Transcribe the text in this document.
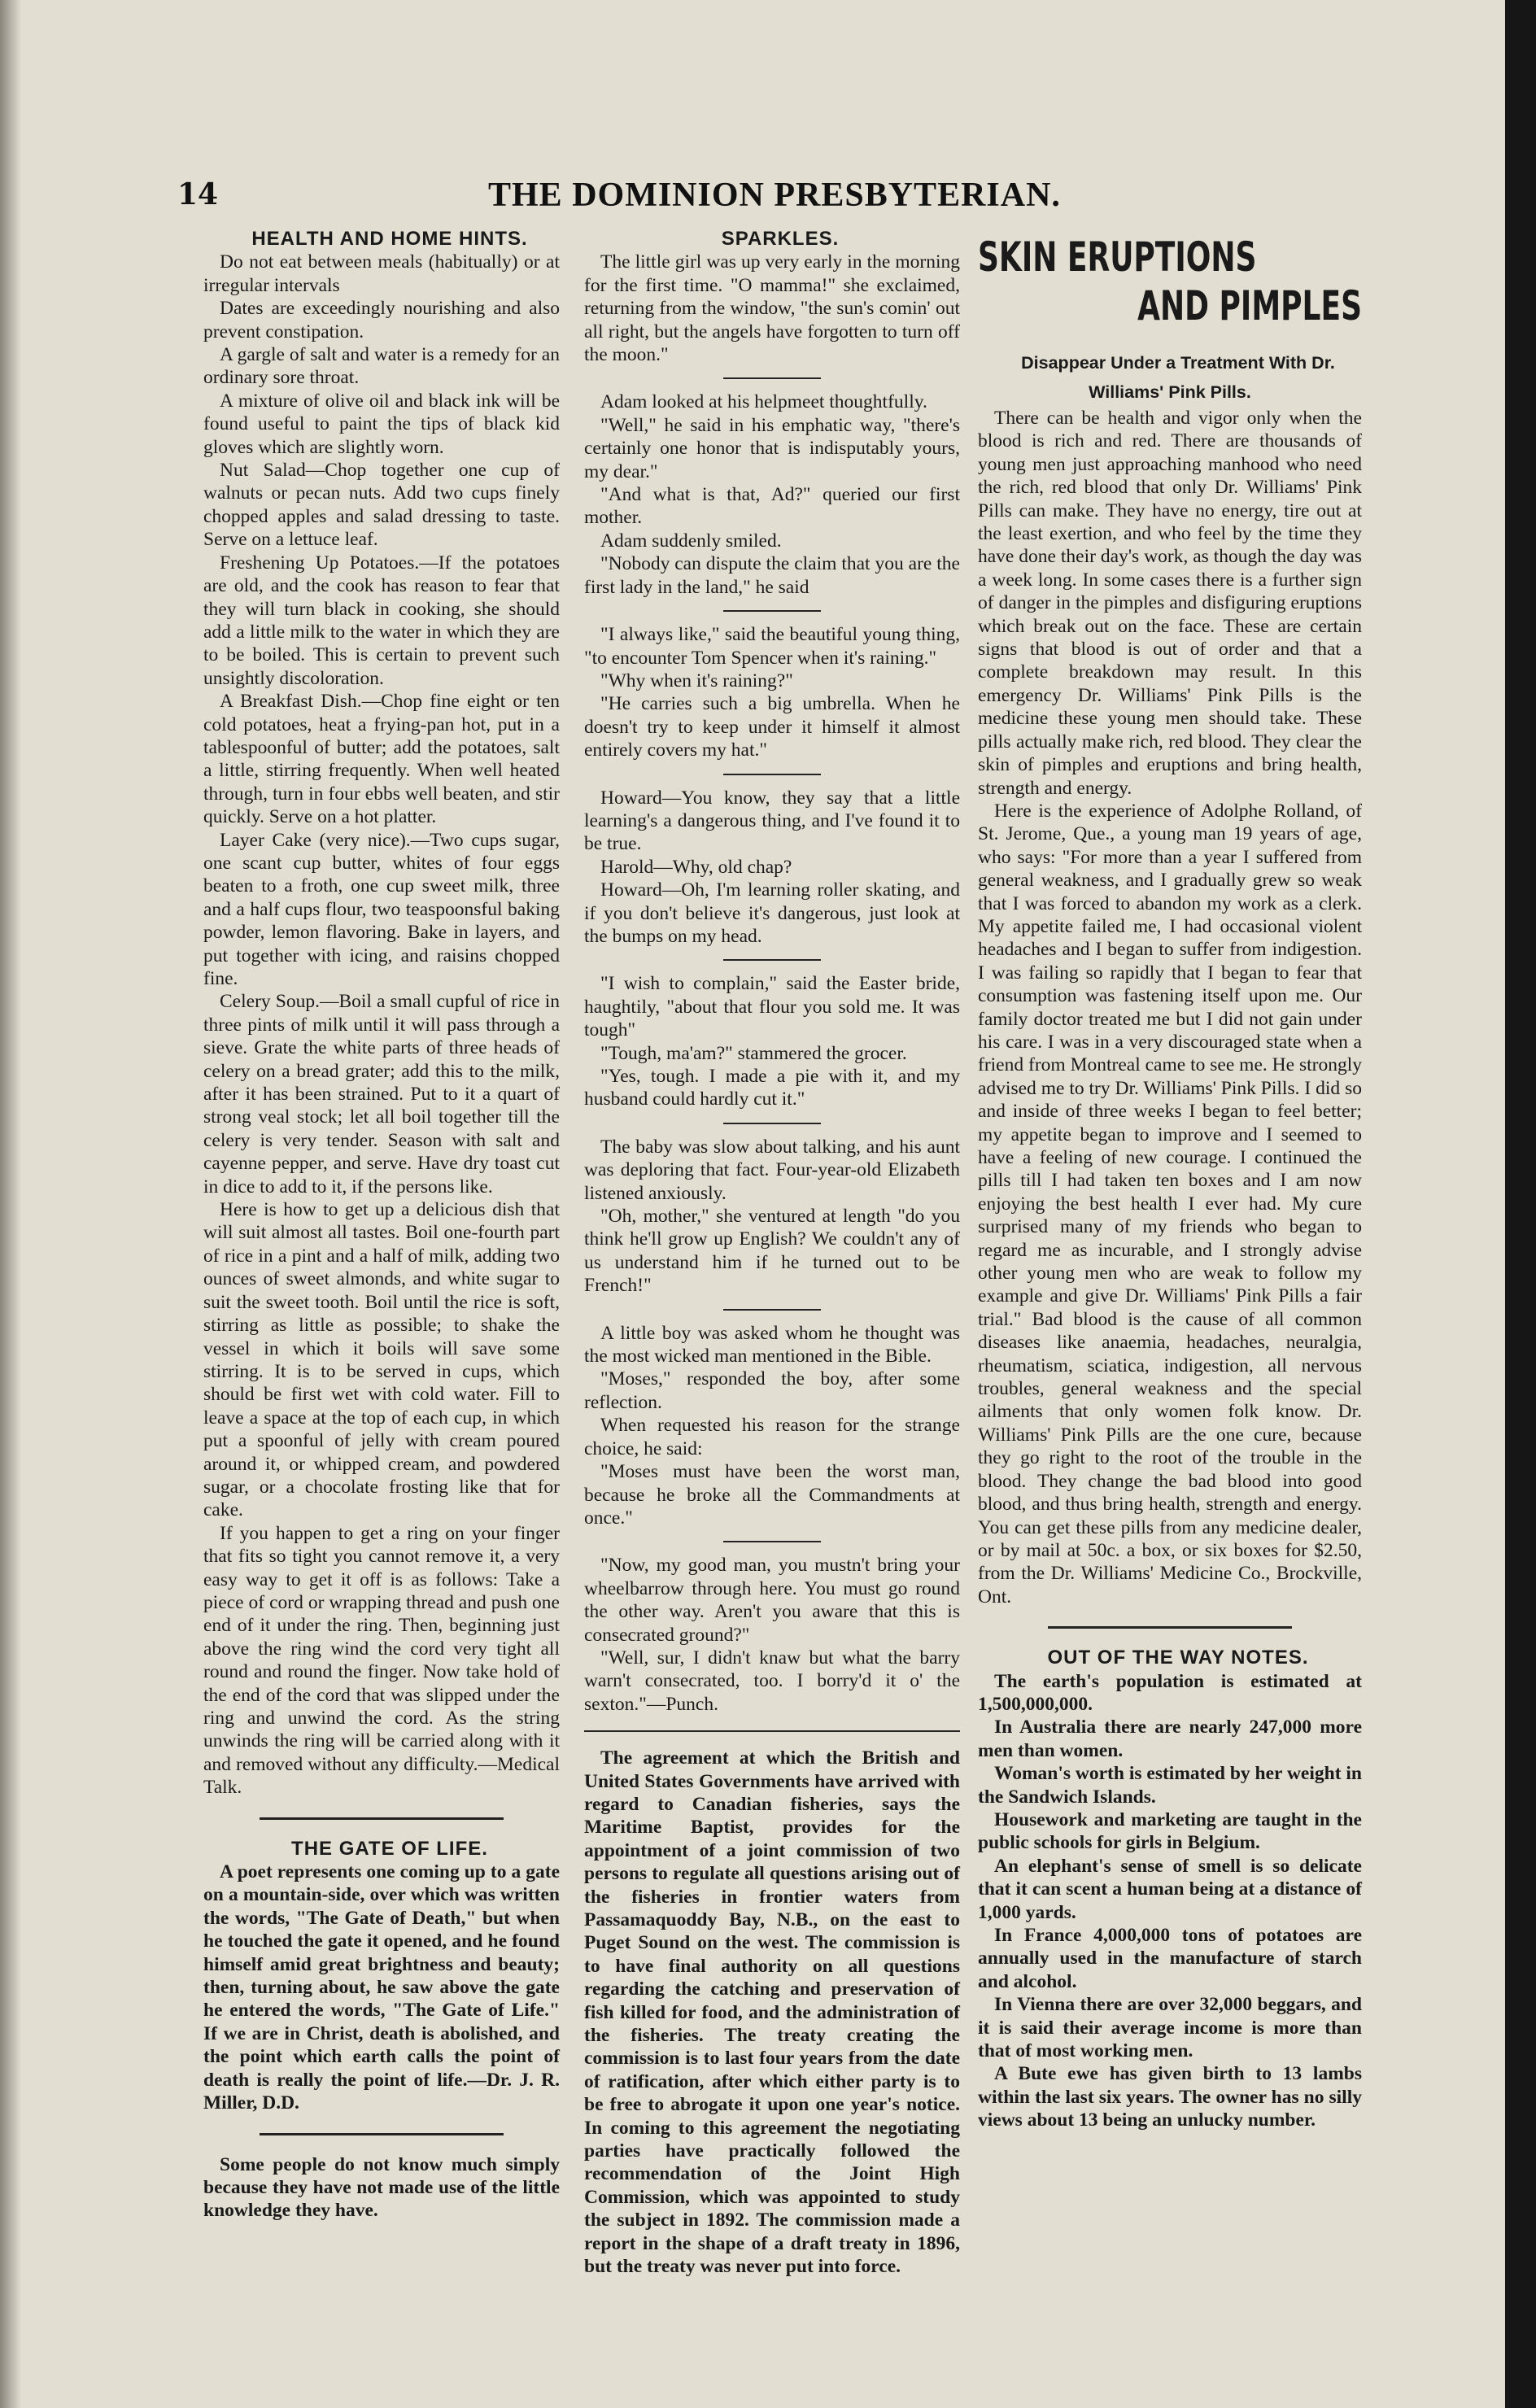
14	THE DOMINION PRESBYTERIAN.

HEALTH AND HOME HINTS.

Do not eat between meals (habitually) or at irregular intervals

Dates are exceedingly nourishing and also prevent constipation.

A gargle of salt and water is a remedy for an ordinary sore throat.

A mixture of olive oil and black ink will be found useful to paint the tips of black kid gloves which are slightly worn.

Nut Salad—Chop together one cup of walnuts or pecan nuts. Add two cups finely chopped apples and salad dressing to taste. Serve on a lettuce leaf.

Freshening Up Potatoes.—If the potatoes are old, and the cook has reason to fear that they will turn black in cooking, she should add a little milk to the water in which they are to be boiled. This is certain to prevent such unsightly discoloration.

A Breakfast Dish.—Chop fine eight or ten cold potatoes, heat a frying-pan hot, put in a tablespoonful of butter; add the potatoes, salt a little, stirring frequently. When well heated through, turn in four ebbs well beaten, and stir quickly. Serve on a hot platter.

Layer Cake (very nice).—Two cups sugar, one scant cup butter, whites of four eggs beaten to a froth, one cup sweet milk, three and a half cups flour, two teaspoonsful baking powder, lemon flavoring. Bake in layers, and put together with icing, and raisins chopped fine.

Celery Soup.—Boil a small cupful of rice in three pints of milk until it will pass through a sieve. Grate the white parts of three heads of celery on a bread grater; add this to the milk, after it has been strained. Put to it a quart of strong veal stock; let all boil together till the celery is very tender. Season with salt and cayenne pepper, and serve. Have dry toast cut in dice to add to it, if the persons like.

Here is how to get up a delicious dish that will suit almost all tastes. Boil one-fourth part of rice in a pint and a half of milk, adding two ounces of sweet almonds, and white sugar to suit the sweet tooth. Boil until the rice is soft, stirring as little as possible; to shake the vessel in which it boils will save some stirring. It is to be served in cups, which should be first wet with cold water. Fill to leave a space at the top of each cup, in which put a spoonful of jelly with cream poured around it, or whipped cream, and powdered sugar, or a chocolate frosting like that for cake.

If you happen to get a ring on your finger that fits so tight you cannot remove it, a very easy way to get it off is as follows: Take a piece of cord or wrapping thread and push one end of it under the ring. Then, beginning just above the ring wind the cord very tight all round and round the finger. Now take hold of the end of the cord that was slipped under the ring and unwind the cord. As the string unwinds the ring will be carried along with it and removed without any difficulty.—Medical Talk.

THE GATE OF LIFE.

A poet represents one coming up to a gate on a mountain-side, over which was written the words, "The Gate of Death," but when he touched the gate it opened, and he found himself amid great brightness and beauty; then, turning about, he saw above the gate he entered the words, "The Gate of Life." If we are in Christ, death is abolished, and the point which earth calls the point of death is really the point of life.—Dr. J. R. Miller, D.D.

Some people do not know much simply because they have not made use of the little knowledge they have.

SPARKLES.

The little girl was up very early in the morning for the first time. "O mamma!" she exclaimed, returning from the window, "the sun's comin' out all right, but the angels have forgotten to turn off the moon."

Adam looked at his helpmeet thoughtfully.

"Well," he said in his emphatic way, "there's certainly one honor that is indisputably yours, my dear."

"And what is that, Ad?" queried our first mother.

Adam suddenly smiled.

"Nobody can dispute the claim that you are the first lady in the land," he said

"I always like," said the beautiful young thing, "to encounter Tom Spencer when it's raining."

"Why when it's raining?"

"He carries such a big umbrella. When he doesn't try to keep under it himself it almost entirely covers my hat."

Howard—You know, they say that a little learning's a dangerous thing, and I've found it to be true.

Harold—Why, old chap?

Howard—Oh, I'm learning roller skating, and if you don't believe it's dangerous, just look at the bumps on my head.

"I wish to complain," said the Easter bride, haughtily, "about that flour you sold me. It was tough"

"Tough, ma'am?" stammered the grocer.

"Yes, tough. I made a pie with it, and my husband could hardly cut it."

The baby was slow about talking, and his aunt was deploring that fact. Four-year-old Elizabeth listened anxiously.

"Oh, mother," she ventured at length "do you think he'll grow up English? We couldn't any of us understand him if he turned out to be French!"

A little boy was asked whom he thought was the most wicked man mentioned in the Bible.

"Moses," responded the boy, after some reflection.

When requested his reason for the strange choice, he said:

"Moses must have been the worst man, because he broke all the Commandments at once."

"Now, my good man, you mustn't bring your wheelbarrow through here. You must go round the other way. Aren't you aware that this is consecrated ground?"

"Well, sur, I didn't knaw but what the barry warn't consecrated, too. I borry'd it o' the sexton."—Punch.

The agreement at which the British and United States Governments have arrived with regard to Canadian fisheries, says the Maritime Baptist, provides for the appointment of a joint commission of two persons to regulate all questions arising out of the fisheries in frontier waters from Passamaquoddy Bay, N.B., on the east to Puget Sound on the west. The commission is to have final authority on all questions regarding the catching and preservation of fish killed for food, and the administration of the fisheries. The treaty creating the commission is to last four years from the date of ratification, after which either party is to be free to abrogate it upon one year's notice. In coming to this agreement the negotiating parties have practically followed the recommendation of the Joint High Commission, which was appointed to study the subject in 1892. The commission made a report in the shape of a draft treaty in 1896, but the treaty was never put into force.

SKIN ERUPTIONS
AND PIMPLES

Disappear Under a Treatment With Dr. Williams' Pink Pills.

There can be health and vigor only when the blood is rich and red. There are thousands of young men just approaching manhood who need the rich, red blood that only Dr. Williams' Pink Pills can make. They have no energy, tire out at the least exertion, and who feel by the time they have done their day's work, as though the day was a week long. In some cases there is a further sign of danger in the pimples and disfiguring eruptions which break out on the face. These are certain signs that blood is out of order and that a complete breakdown may result. In this emergency Dr. Williams' Pink Pills is the medicine these young men should take. These pills actually make rich, red blood. They clear the skin of pimples and eruptions and bring health, strength and energy.

Here is the experience of Adolphe Rolland, of St. Jerome, Que., a young man 19 years of age, who says: "For more than a year I suffered from general weakness, and I gradually grew so weak that I was forced to abandon my work as a clerk. My appetite failed me, I had occasional violent headaches and I began to suffer from indigestion. I was failing so rapidly that I began to fear that consumption was fastening itself upon me. Our family doctor treated me but I did not gain under his care. I was in a very discouraged state when a friend from Montreal came to see me. He strongly advised me to try Dr. Williams' Pink Pills. I did so and inside of three weeks I began to feel better; my appetite began to improve and I seemed to have a feeling of new courage. I continued the pills till I had taken ten boxes and I am now enjoying the best health I ever had. My cure surprised many of my friends who began to regard me as incurable, and I strongly advise other young men who are weak to follow my example and give Dr. Williams' Pink Pills a fair trial." Bad blood is the cause of all common diseases like anaemia, headaches, neuralgia, rheumatism, sciatica, indigestion, all nervous troubles, general weakness and the special ailments that only women folk know. Dr. Williams' Pink Pills are the one cure, because they go right to the root of the trouble in the blood. They change the bad blood into good blood, and thus bring health, strength and energy. You can get these pills from any medicine dealer, or by mail at 50c. a box, or six boxes for $2.50, from the Dr. Williams' Medicine Co., Brockville, Ont.

OUT OF THE WAY NOTES.

The earth's population is estimated at 1,500,000,000.

In Australia there are nearly 247,000 more men than women.

Woman's worth is estimated by her weight in the Sandwich Islands.

Housework and marketing are taught in the public schools for girls in Belgium.

An elephant's sense of smell is so delicate that it can scent a human being at a distance of 1,000 yards.

In France 4,000,000 tons of potatoes are annually used in the manufacture of starch and alcohol.

In Vienna there are over 32,000 beggars, and it is said their average income is more than that of most working men.

A Bute ewe has given birth to 13 lambs within the last six years. The owner has no silly views about 13 being an unlucky number.
